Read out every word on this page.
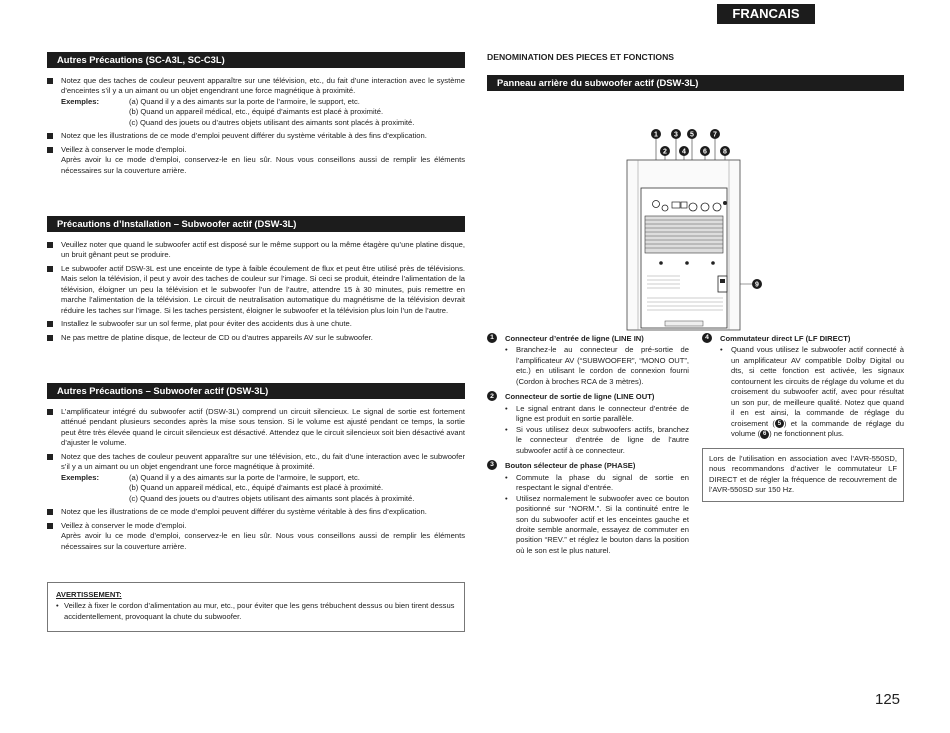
FRANCAIS
Autres Précautions (SC-A3L, SC-C3L)
Notez que des taches de couleur peuvent apparaître sur une télévision, etc., du fait d’une interaction avec le système d’enceintes s’il y a un aimant ou un objet engendrant une force magnétique à proximité.
Exemples:	(a) Quand il y a des aimants sur la porte de l’armoire, le support, etc.
(b) Quand un appareil médical, etc., équipé d’aimants est placé à proximité.
(c) Quand des jouets ou d’autres objets utilisant des aimants sont placés à proximité.
Notez que les illustrations de ce mode d’emploi peuvent différer du système véritable à des fins d’explication.
Veillez à conserver le mode d’emploi.
Après avoir lu ce mode d’emploi, conservez-le en lieu sûr. Nous vous conseillons aussi de remplir les éléments nécessaires sur la couverture arrière.
Précautions d’Installation – Subwoofer actif (DSW-3L)
Veuillez noter que quand le subwoofer actif est disposé sur le même support ou la même étagère qu’une platine disque, un bruit gênant peut se produire.
Le subwoofer actif DSW-3L est une enceinte de type à faible écoulement de flux et peut être utilisé près de télévisions. Mais selon la télévision, il peut y avoir des taches de couleur sur l’image. Si ceci se produit, éteindre l’alimentation de la télévision, éloigner un peu la télévision et le subwoofer l’un de l’autre, attendre 15 à 30 minutes, puis remettre en marche l’alimentation de la télévision. Le circuit de neutralisation automatique du magnétisme de la télévision devrait réduire les taches sur l’image. Si les taches persistent, éloigner le subwoofer et la télévision plus loin l’un de l’autre.
Installez le subwoofer sur un sol ferme, plat pour éviter des accidents dus à une chute.
Ne pas mettre de platine disque, de lecteur de CD ou d’autres appareils AV sur le subwoofer.
Autres Précautions – Subwoofer actif (DSW-3L)
L’amplificateur intégré du subwoofer actif (DSW-3L) comprend un circuit silencieux. Le signal de sortie est fortement atténué pendant plusieurs secondes après la mise sous tension. Si le volume est ajusté pendant ce temps, la sortie peut être très élevée quand le circuit silencieux est désactivé. Attendez que le circuit silencieux soit bien désactivé avant d’ajuster le volume.
Notez que des taches de couleur peuvent apparaître sur une télévision, etc., du fait d’une interaction avec le subwoofer s’il y a un aimant ou un objet engendrant une force magnétique à proximité.
Exemples:	(a) Quand il y a des aimants sur la porte de l’armoire, le support, etc.
(b) Quand un appareil médical, etc., équipé d’aimants est placé à proximité.
(c) Quand des jouets ou d’autres objets utilisant des aimants sont placés à proximité.
Notez que les illustrations de ce mode d’emploi peuvent différer du système véritable à des fins d’explication.
Veillez à conserver le mode d’emploi.
Après avoir lu ce mode d’emploi, conservez-le en lieu sûr. Nous vous conseillons aussi de remplir les éléments nécessaires sur la couverture arrière.
AVERTISSEMENT:
• Veillez à fixer le cordon d’alimentation au mur, etc., pour éviter que les gens trébuchent dessus ou bien tirent dessus accidentellement, provoquant la chute du subwoofer.
DENOMINATION DES PIECES ET FONCTIONS
Panneau arrière du subwoofer actif (DSW-3L)
1 3 5	7
2 4 6 8
9
1	Connecteur d’entrée de ligne (LINE IN)
• Branchez-le au connecteur de pré-sortie de l’amplificateur AV (“SUBWOOFER”, “MONO OUT”, etc.) en utilisant le cordon de connexion fourni (Cordon à broches RCA de 3 mètres).
2	Connecteur de sortie de ligne (LINE OUT)
• Le signal entrant dans le connecteur d’entrée de ligne est produit en sortie parallèle.
• Si vous utilisez deux subwoofers actifs, branchez le connecteur d’entrée de ligne de l’autre subwoofer actif à ce connecteur.
3	Bouton sélecteur de phase (PHASE)
• Commute la phase du signal de sortie en respectant le signal d’entrée.
• Utilisez normalement le subwoofer avec ce bouton positionné sur “NORM.”. Si la continuité entre le son du subwoofer actif et les enceintes gauche et droite semble anormale, essayez de commuter en position “REV.” et réglez le bouton dans la position où le son est le plus naturel.
4	Commutateur direct LF (LF DIRECT)
• Quand vous utilisez le subwoofer actif connecté à un amplificateur AV compatible Dolby Digital ou dts, si cette fonction est activée, les signaux contournent les circuits de réglage du volume et du croisement du subwoofer actif, avec pour résultat un son pur, de meilleure qualité. Notez que quand il en est ainsi, la commande de réglage du croisement ( 5 ) et la commande de réglage du volume ( 6 ) ne fonctionnent plus.
Lors de l’utilisation en association avec l’AVR-550SD, nous recommandons d’activer le commutateur LF DIRECT et de régler la fréquence de recouvrement de l’AVR-550SD sur 150 Hz.
125
